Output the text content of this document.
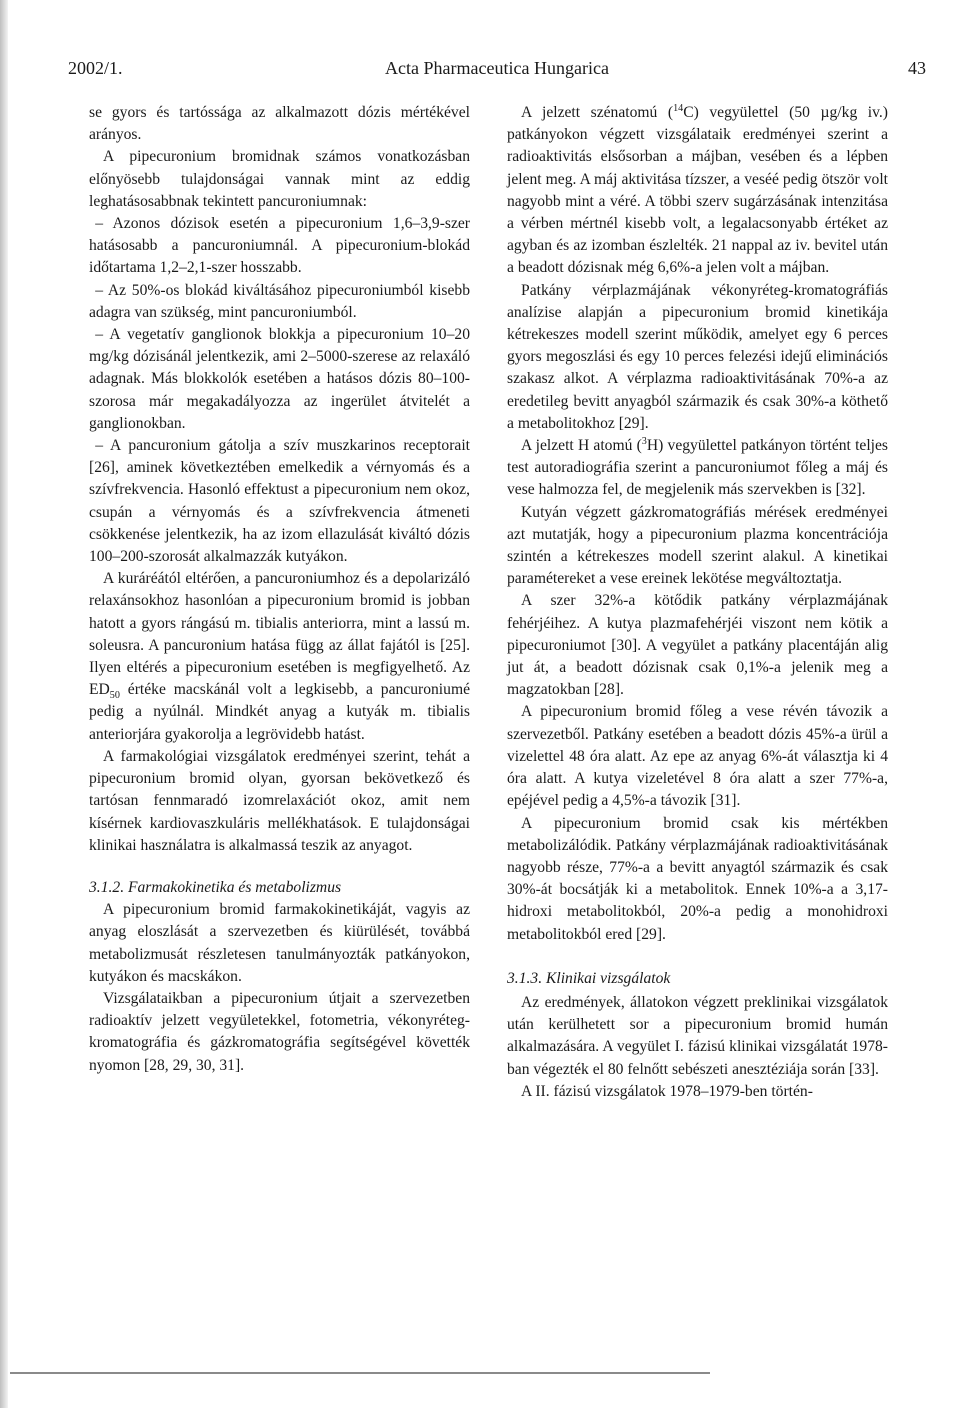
2002/1.	Acta Pharmaceutica Hungarica	43

se gyors és tartóssága az alkalmazott dózis mértékével arányos.

A pipecuronium bromidnak számos vonatkozásban előnyösebb tulajdonságai vannak mint az eddig leghatásosabbnak tekintett pancuroniumnak:

– Azonos dózisok esetén a pipecuronium 1,6–3,9-szer hatásosabb a pancuroniumnál. A pipecuronium-blokád időtartama 1,2–2,1-szer hosszabb.

– Az 50%-os blokád kiváltásához pipecuroniumból kisebb adagra van szükség, mint pancuroniumból.

– A vegetatív ganglionok blokkja a pipecuronium 10–20 mg/kg dózisánál jelentkezik, ami 2–5000-szerese az relaxáló adagnak. Más blokkolók esetében a hatásos dózis 80–100-szorosa már megakadályozza az ingerület átvitelét a ganglionokban.

– A pancuronium gátolja a szív muszkarinos receptorait [26], aminek következtében emelkedik a vérnyomás és a szívfrekvencia. Hasonló effektust a pipecuronium nem okoz, csupán a vérnyomás és a szívfrekvencia átmeneti csökkenése jelentkezik, ha az izom ellazulását kiváltó dózis 100–200-szorosát alkalmazzák kutyákon.

A kuráréától eltérően, a pancuroniumhoz és a depolarizáló relaxánsokhoz hasonlóan a pipecuronium bromid is jobban hatott a gyors rángású m. tibialis anteriorra, mint a lassú m. soleusra. A pancuronium hatása függ az állat fajától is [25]. Ilyen eltérés a pipecuronium esetében is megfigyelhető. Az $ED_{50}$ értéke macskánál volt a legkisebb, a pancuroniumé pedig a nyúlnál. Mindkét anyag a kutyák m. tibialis anteriorjára gyakorolja a legrövidebb hatást.

A farmakológiai vizsgálatok eredményei szerint, tehát a pipecuronium bromid olyan, gyorsan bekövetkező és tartósan fennmaradó izomrelaxációt okoz, amit nem kísérnek kardiovaszkuláris mellékhatások. E tulajdonságai klinikai használatra is alkalmassá teszik az anyagot.

3.1.2. Farmakokinetika és metabolizmus

A pipecuronium bromid farmakokinetikáját, vagyis az anyag eloszlását a szervezetben és kiürülését, továbbá metabolizmusát részletesen tanulmányozták patkányokon, kutyákon és macskákon.

Vizsgálataikban a pipecuronium útjait a szervezetben radioaktív jelzett vegyületekkel, fotometria, vékonyréteg-kromatográfia és gázkromatográfia segítségével követték nyomon [28, 29, 30, 31].

A jelzett szénatomú ($^{14}$C) vegyülettel (50 µg/kg iv.) patkányokon végzett vizsgálataik eredményei szerint a radioaktivitás elsősorban a májban, vesében és a lépben jelent meg. A máj aktivitása tízszer, a veséé pedig ötször volt nagyobb mint a véré. A többi szerv sugárzásának intenzitása a vérben mértnél kisebb volt, a legalacsonyabb értéket az agyban és az izomban észlelték. 21 nappal az iv. bevitel után a beadott dózisnak még 6,6%-a jelen volt a májban.

Patkány vérplazmájának vékonyréteg-kromatográfiás analízise alapján a pipecuronium bromid kinetikája kétrekeszes modell szerint működik, amelyet egy 6 perces gyors megoszlási és egy 10 perces felezési idejű eliminációs szakasz alkot. A vérplazma radioaktivitásának 70%-a az eredetileg bevitt anyagból származik és csak 30%-a köthető a metabolitokhoz [29].

A jelzett H atomú ($^3$H) vegyülettel patkányon történt teljes test autoradiográfia szerint a pancuroniumot főleg a máj és vese halmozza fel, de megjelenik más szervekben is [32].

Kutyán végzett gázkromatográfiás mérések eredményei azt mutatják, hogy a pipecuronium plazma koncentrációja szintén a kétrekeszes modell szerint alakul. A kinetikai paramétereket a vese ereinek lekötése megváltoztatja.

A szer 32%-a kötődik patkány vérplazmájának fehérjéihez. A kutya plazmafehérjéi viszont nem kötik a pipecuroniumot [30]. A vegyület a patkány placentáján alig jut át, a beadott dózisnak csak 0,1%-a jelenik meg a magzatokban [28].

A pipecuronium bromid főleg a vese révén távozik a szervezetből. Patkány esetében a beadott dózis 45%-a ürül a vizelettel 48 óra alatt. Az epe az anyag 6%-át választja ki 4 óra alatt. A kutya vizeletével 8 óra alatt a szer 77%-a, epéjével pedig a 4,5%-a távozik [31].

A pipecuronium bromid csak kis mértékben metabolizálódik. Patkány vérplazmájának radioaktivitásának nagyobb része, 77%-a a bevitt anyagtól származik és csak 30%-át bocsátják ki a metabolitok. Ennek 10%-a a 3,17-hidroxi metabolitokból, 20%-a pedig a monohidroxi metabolitokból ered [29].

3.1.3. Klinikai vizsgálatok

Az eredmények, állatokon végzett preklinikai vizsgálatok után kerülhetett sor a pipecuronium bromid humán alkalmazására. A vegyület I. fázisú klinikai vizsgálatát 1978-ban végezték el 80 felnőtt sebészeti anesztéziája során [33].

A II. fázisú vizsgálatok 1978–1979-ben történ-
